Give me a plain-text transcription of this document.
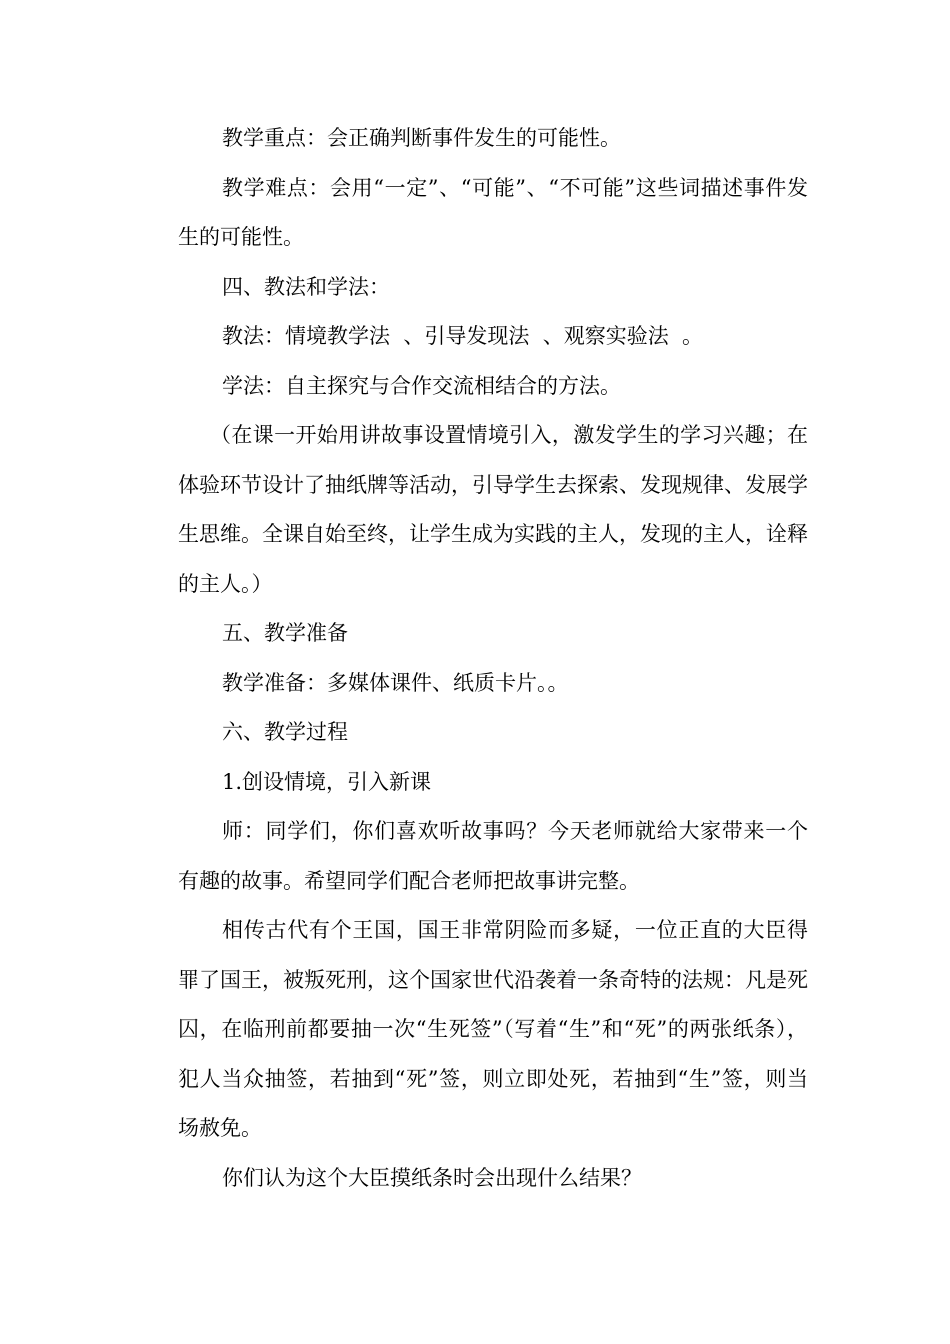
教学重点：会正确判断事件发生的可能性。

教学难点：会用“一定”、“可能”、“不可能”这些词描述事件发生的可能性。

四、教法和学法：

教法：情境教学法  、引导发现法  、观察实验法  。

学法：自主探究与合作交流相结合的方法。

（在课一开始用讲故事设置情境引入，激发学生的学习兴趣；在体验环节设计了抽纸牌等活动，引导学生去探索、发现规律、发展学生思维。全课自始至终，让学生成为实践的主人，发现的主人，诠释的主人。）

五、教学准备

教学准备：多媒体课件、纸质卡片。。

六、教学过程

1.创设情境，引入新课

师：同学们，你们喜欢听故事吗？今天老师就给大家带来一个有趣的故事。希望同学们配合老师把故事讲完整。

相传古代有个王国，国王非常阴险而多疑，一位正直的大臣得罪了国王，被叛死刑，这个国家世代沿袭着一条奇特的法规：凡是死囚，在临刑前都要抽一次“生死签”（写着“生”和“死”的两张纸条），犯人当众抽签，若抽到“死”签，则立即处死，若抽到“生”签，则当场赦免。

你们认为这个大臣摸纸条时会出现什么结果？
